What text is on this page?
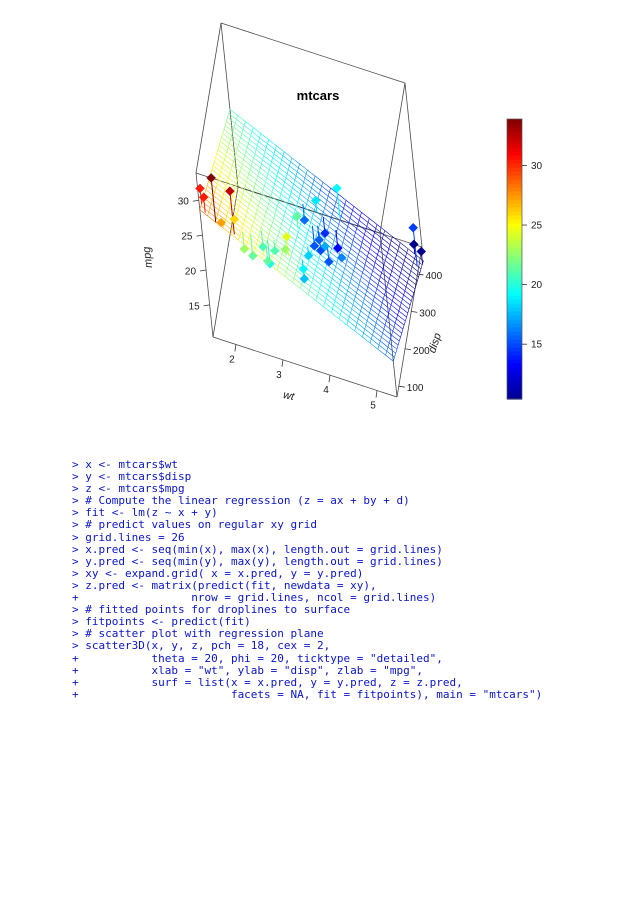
mtcars
15
20
25
30
2
3
4
5
100
200
300
400
mpg
wt
disp	15
20
25
30
> x <- mtcars$wt
> y <- mtcars$disp
> z <- mtcars$mpg
> # Compute the linear regression (z = ax + by + d)
> fit <- lm(z ~ x + y)
> # predict values on regular xy grid
> grid.lines = 26
> x.pred <- seq(min(x), max(x), length.out = grid.lines)
> y.pred <- seq(min(y), max(y), length.out = grid.lines)
> xy <- expand.grid( x = x.pred, y = y.pred)
> z.pred <- matrix(predict(fit, newdata = xy),
+                 nrow = grid.lines, ncol = grid.lines)
> # fitted points for droplines to surface
> fitpoints <- predict(fit)
> # scatter plot with regression plane
> scatter3D(x, y, z, pch = 18, cex = 2,
+           theta = 20, phi = 20, ticktype = "detailed",
+           xlab = "wt", ylab = "disp", zlab = "mpg",
+           surf = list(x = x.pred, y = y.pred, z = z.pred,
+                       facets = NA, fit = fitpoints), main = "mtcars")
